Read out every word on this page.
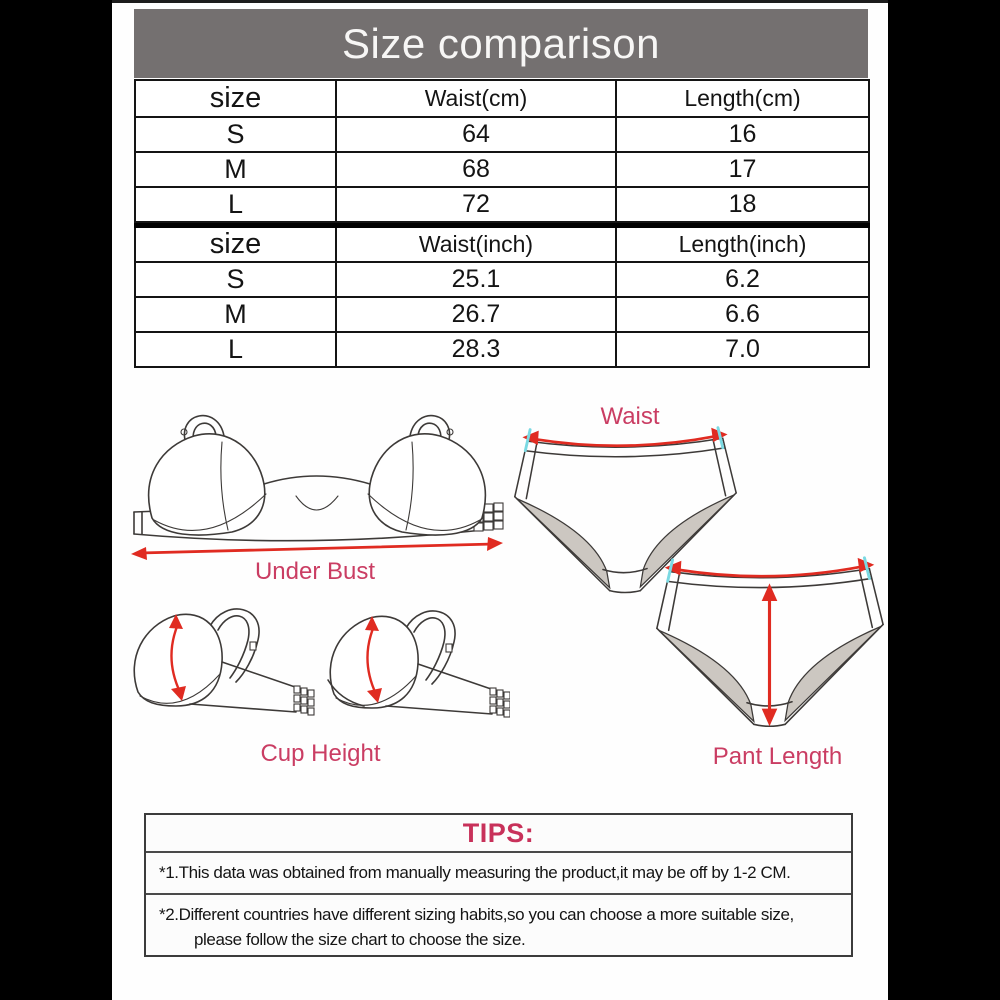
Size comparison
size	Waist(cm)	Length(cm)
S	64	16
M	68	17
L	72	18
size	Waist(inch)	Length(inch)
S	25.1	6.2
M	26.7	6.6
L	28.3	7.0
Under Bust
Waist
Cup Height	Pant Length
TIPS:
*1.This data was obtained from manually measuring the product,it may be off by 1-2 CM.
*2.Different countries have different sizing habits,so you can choose a more suitable size,
please follow the size chart to choose the size.
